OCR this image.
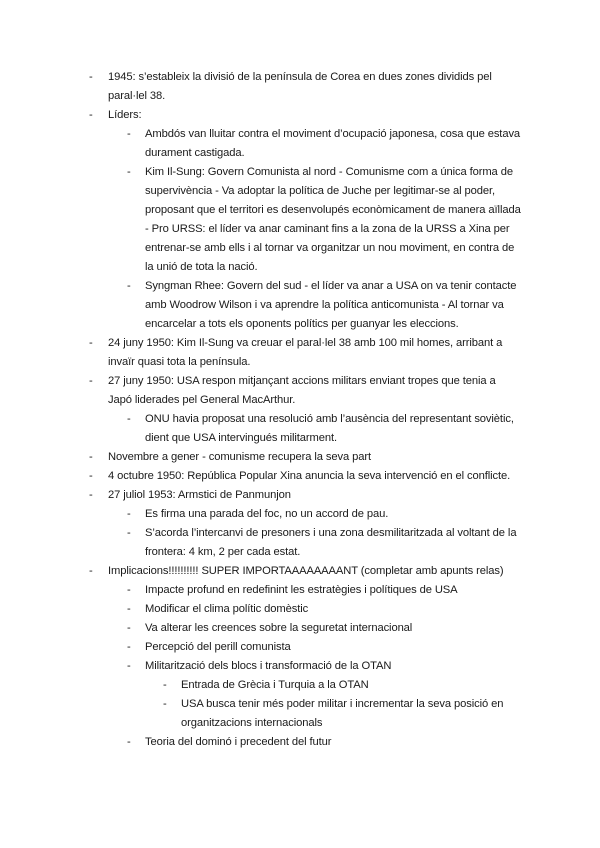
- 1945: s’estableix la divisió de la península de Corea en dues zones dividids pel paral·lel 38.
- Líders:
- Ambdós van lluitar contra el moviment d’ocupació japonesa, cosa que estava durament castigada.
- Kim Il-Sung: Govern Comunista al nord - Comunisme com a única forma de supervivència - Va adoptar la política de Juche per legitimar-se al poder, proposant que el territori es desenvolupés econòmicament de manera aïllada - Pro URSS: el líder va anar caminant fins a la zona de la URSS a Xina per entrenar-se amb ells i al tornar va organitzar un nou moviment, en contra de la unió de tota la nació.
- Syngman Rhee: Govern del sud - el líder va anar a USA on va tenir contacte amb Woodrow Wilson i va aprendre la política anticomunista - Al tornar va encarcelar a tots els oponents polítics per guanyar les eleccions.
- 24 juny 1950: Kim Il-Sung va creuar el paral·lel 38 amb 100 mil homes, arribant a invaïr quasi tota la península.
- 27 juny 1950: USA respon mitjançant accions militars enviant tropes que tenia a Japó liderades pel General MacArthur.
- ONU havia proposat una resolució amb l’ausència del representant soviètic, dient que USA intervingués militarment.
- Novembre a gener - comunisme recupera la seva part
- 4 octubre 1950: República Popular Xina anuncia la seva intervenció en el conflicte.
- 27 juliol 1953: Armstici de Panmunjon
- Es firma una parada del foc, no un accord de pau.
- S’acorda l’intercanvi de presoners i una zona desmilitaritzada al voltant de la frontera: 4 km, 2 per cada estat.
- Implicacions!!!!!!!!!! SUPER IMPORTAAAAAAAANT (completar amb apunts relas)
- Impacte profund en redefinint les estratègies i polítiques de USA
- Modificar el clima polític domèstic
- Va alterar les creences sobre la seguretat internacional
- Percepció del perill comunista
- Militarització dels blocs i transformació de la OTAN
- Entrada de Grècia i Turquia a la OTAN
- USA busca tenir més poder militar i incrementar la seva posició en organitzacions internacionals
- Teoria del dominó i precedent del futur
